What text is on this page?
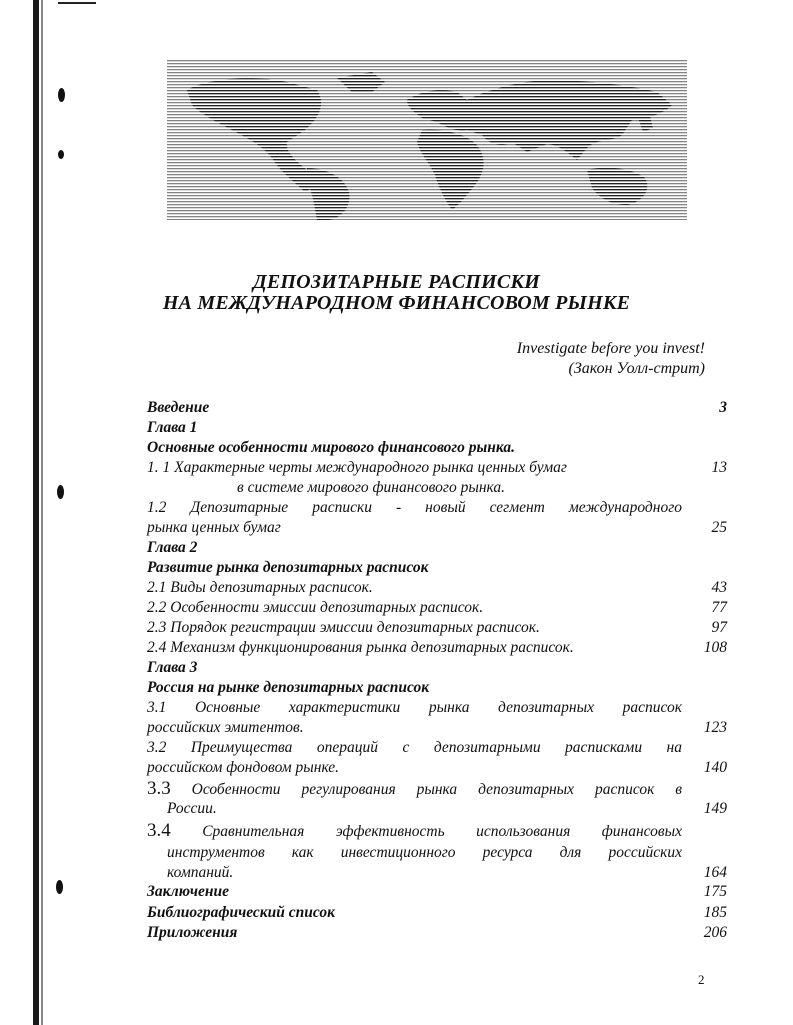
ДЕПОЗИТАРНЫЕ РАСПИСКИ
НА МЕЖДУНАРОДНОМ ФИНАНСОВОМ РЫНКЕ
Investigate before you invest!
(Закон Уолл-стрит)
Введение	3
Глава 1
Основные особенности мирового финансового рынка.
1. 1 Характерные черты международного рынка ценных бумаг	13
в системе мирового финансового рынка.
1.2 Депозитарные расписки - новый сегмент международного
рынка ценных бумаг	25
Глава 2
Развитие рынка депозитарных расписок
2.1 Виды депозитарных расписок.	43
2.2 Особенности эмиссии депозитарных расписок.	77
2.3 Порядок регистрации эмиссии депозитарных расписок.	97
2.4 Механизм функционирования рынка депозитарных расписок.	108
Глава 3
Россия на рынке депозитарных расписок
3.1 Основные характеристики рынка депозитарных расписок
российских эмитентов.	123
3.2 Преимущества операций с депозитарными расписками на
российском фондовом рынке.	140
3.3 Особенности регулирования рынка депозитарных расписок в
России.	149
3.4 Сравнительная эффективность использования финансовых
инструментов как инвестиционного ресурса для российских
компаний.	164
Заключение	175
Библиографический список	185
Приложения	206
2
